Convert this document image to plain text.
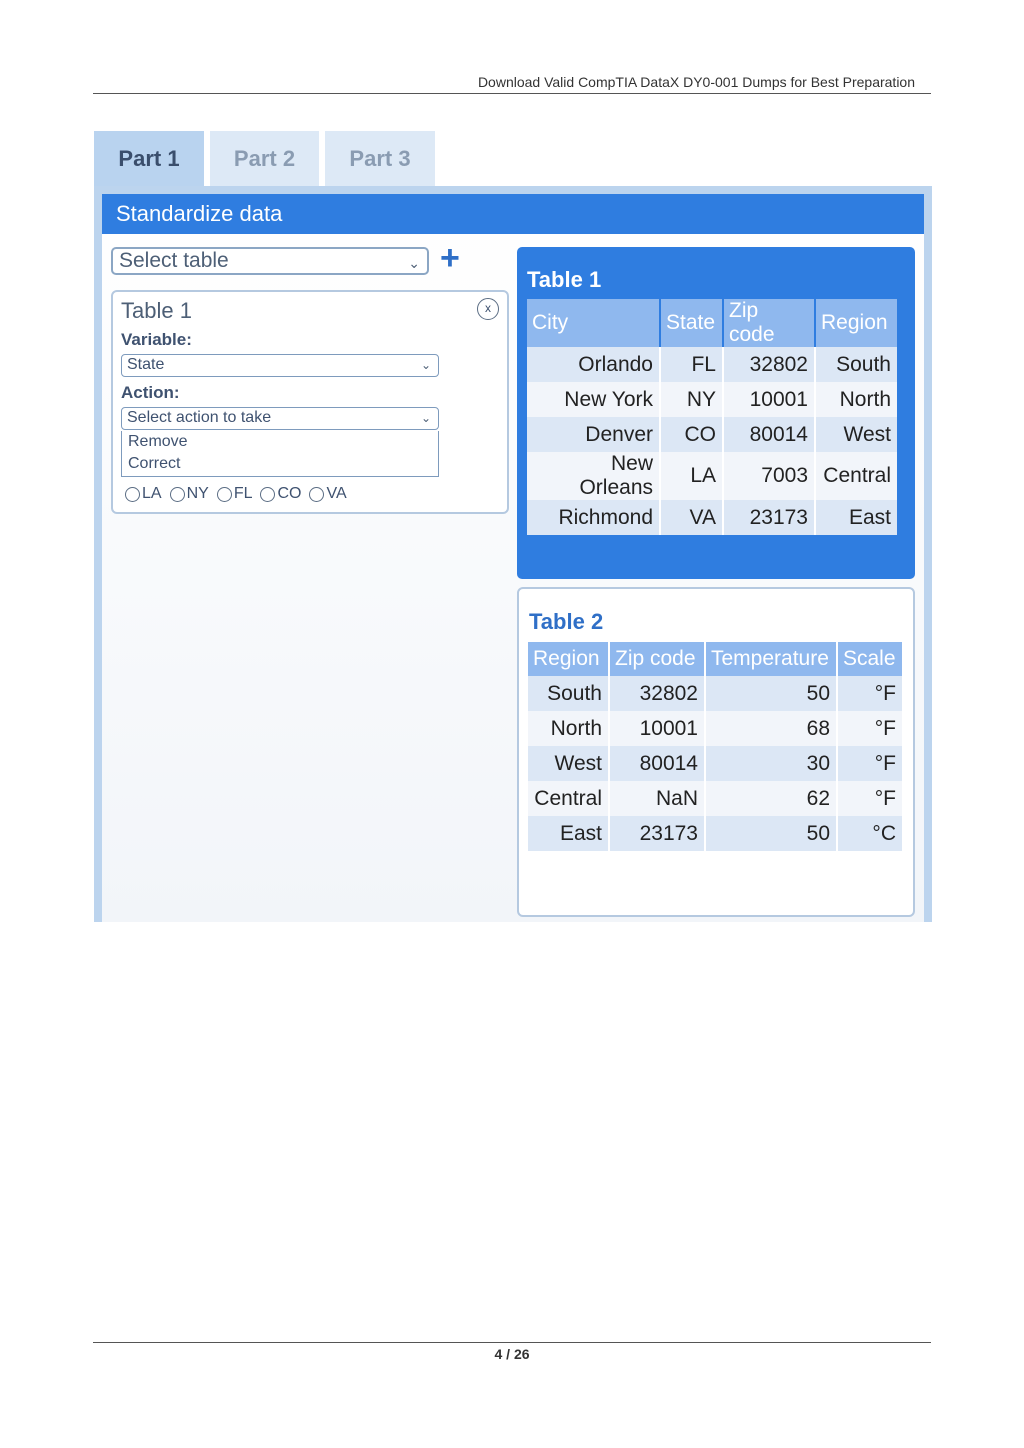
Download Valid CompTIA DataX DY0-001 Dumps for Best Preparation
Part 1	Part 2	Part 3
Standardize data
Select table	⌄ +
Table 1	x
Variable:
State	⌄
Action:
Select action to take	⌄
Remove
Correct
LA NY FL CO VA
Table 1
City	State	Zip code	Region
Orlando	FL	32802	South
New York	NY	10001	North
Denver	CO	80014	West
New Orleans	LA	7003	Central
Richmond	VA	23173	East
Table 2
Region	Zip code	Temperature	Scale
South	32802	50	°F
North	10001	68	°F
West	80014	30	°F
Central	NaN	62	°F
East	23173	50	°C
4 / 26
